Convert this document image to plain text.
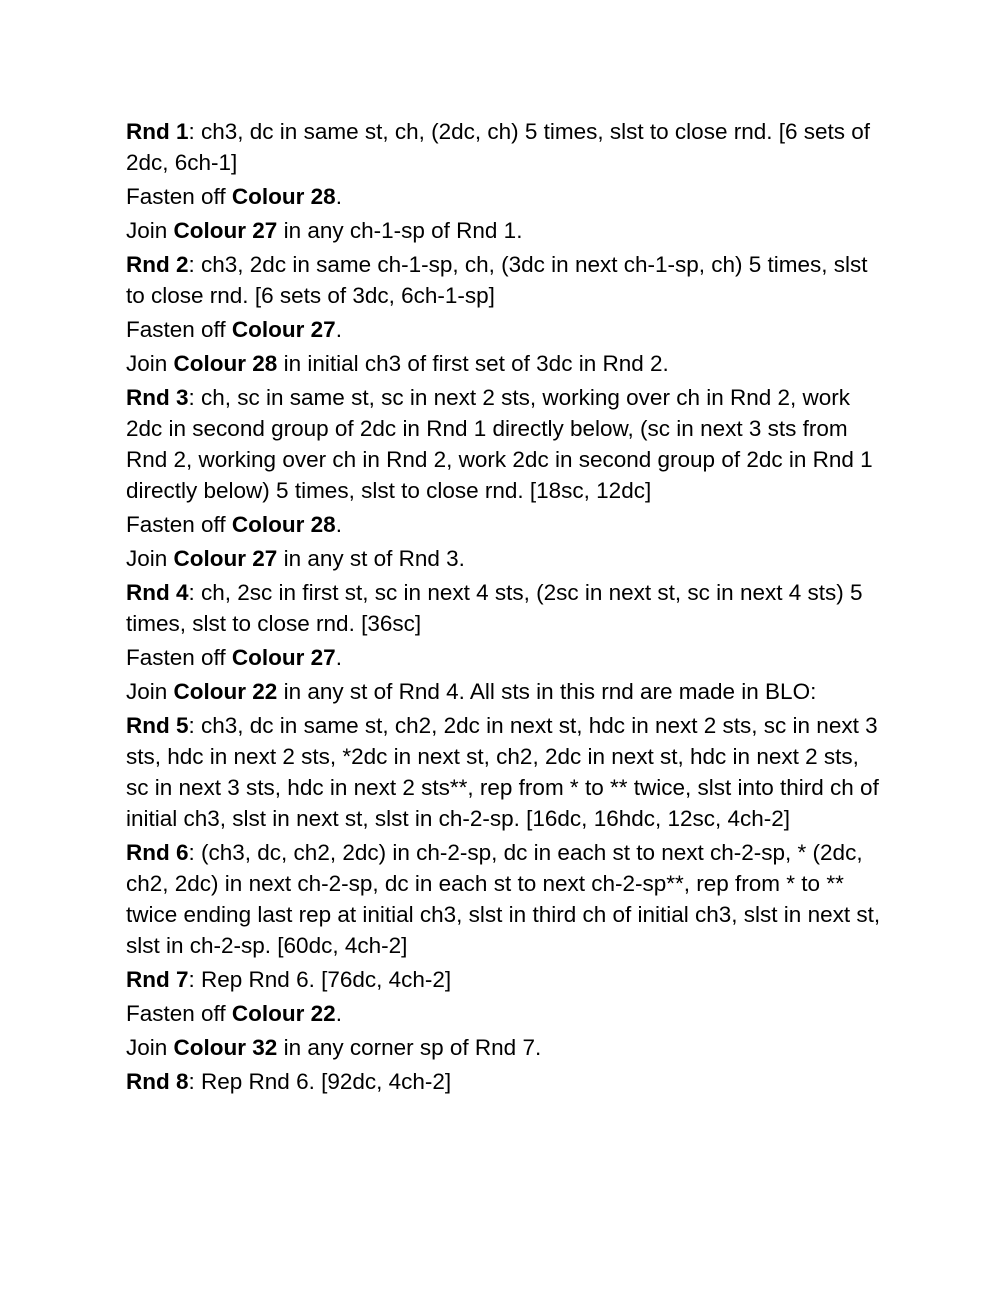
Rnd 1: ch3, dc in same st, ch, (2dc, ch) 5 times, slst to close rnd. [6 sets of 2dc, 6ch-1]

Fasten off Colour 28.

Join Colour 27 in any ch-1-sp of Rnd 1.

Rnd 2: ch3, 2dc in same ch-1-sp, ch, (3dc in next ch-1-sp, ch) 5 times, slst to close rnd. [6 sets of 3dc, 6ch-1-sp]

Fasten off Colour 27.

Join Colour 28 in initial ch3 of first set of 3dc in Rnd 2.

Rnd 3: ch, sc in same st, sc in next 2 sts, working over ch in Rnd 2, work 2dc in second group of 2dc in Rnd 1 directly below, (sc in next 3 sts from Rnd 2, working over ch in Rnd 2, work 2dc in second group of 2dc in Rnd 1 directly below) 5 times, slst to close rnd. [18sc, 12dc]

Fasten off Colour 28.

Join Colour 27 in any st of Rnd 3.

Rnd 4: ch, 2sc in first st, sc in next 4 sts, (2sc in next st, sc in next 4 sts) 5 times, slst to close rnd. [36sc]

Fasten off Colour 27.

Join Colour 22 in any st of Rnd 4. All sts in this rnd are made in BLO:

Rnd 5: ch3, dc in same st, ch2, 2dc in next st, hdc in next 2 sts, sc in next 3 sts, hdc in next 2 sts, *2dc in next st, ch2, 2dc in next st, hdc in next 2 sts, sc in next 3 sts, hdc in next 2 sts**, rep from * to ** twice, slst into third ch of initial ch3, slst in next st, slst in ch-2-sp. [16dc, 16hdc, 12sc, 4ch-2]

Rnd 6: (ch3, dc, ch2, 2dc) in ch-2-sp, dc in each st to next ch-2-sp, * (2dc, ch2, 2dc) in next ch-2-sp, dc in each st to next ch-2-sp**, rep from * to ** twice ending last rep at initial ch3, slst in third ch of initial ch3, slst in next st, slst in ch-2-sp. [60dc, 4ch-2]

Rnd 7: Rep Rnd 6. [76dc, 4ch-2]

Fasten off Colour 22.

Join Colour 32 in any corner sp of Rnd 7.

Rnd 8: Rep Rnd 6. [92dc, 4ch-2]
